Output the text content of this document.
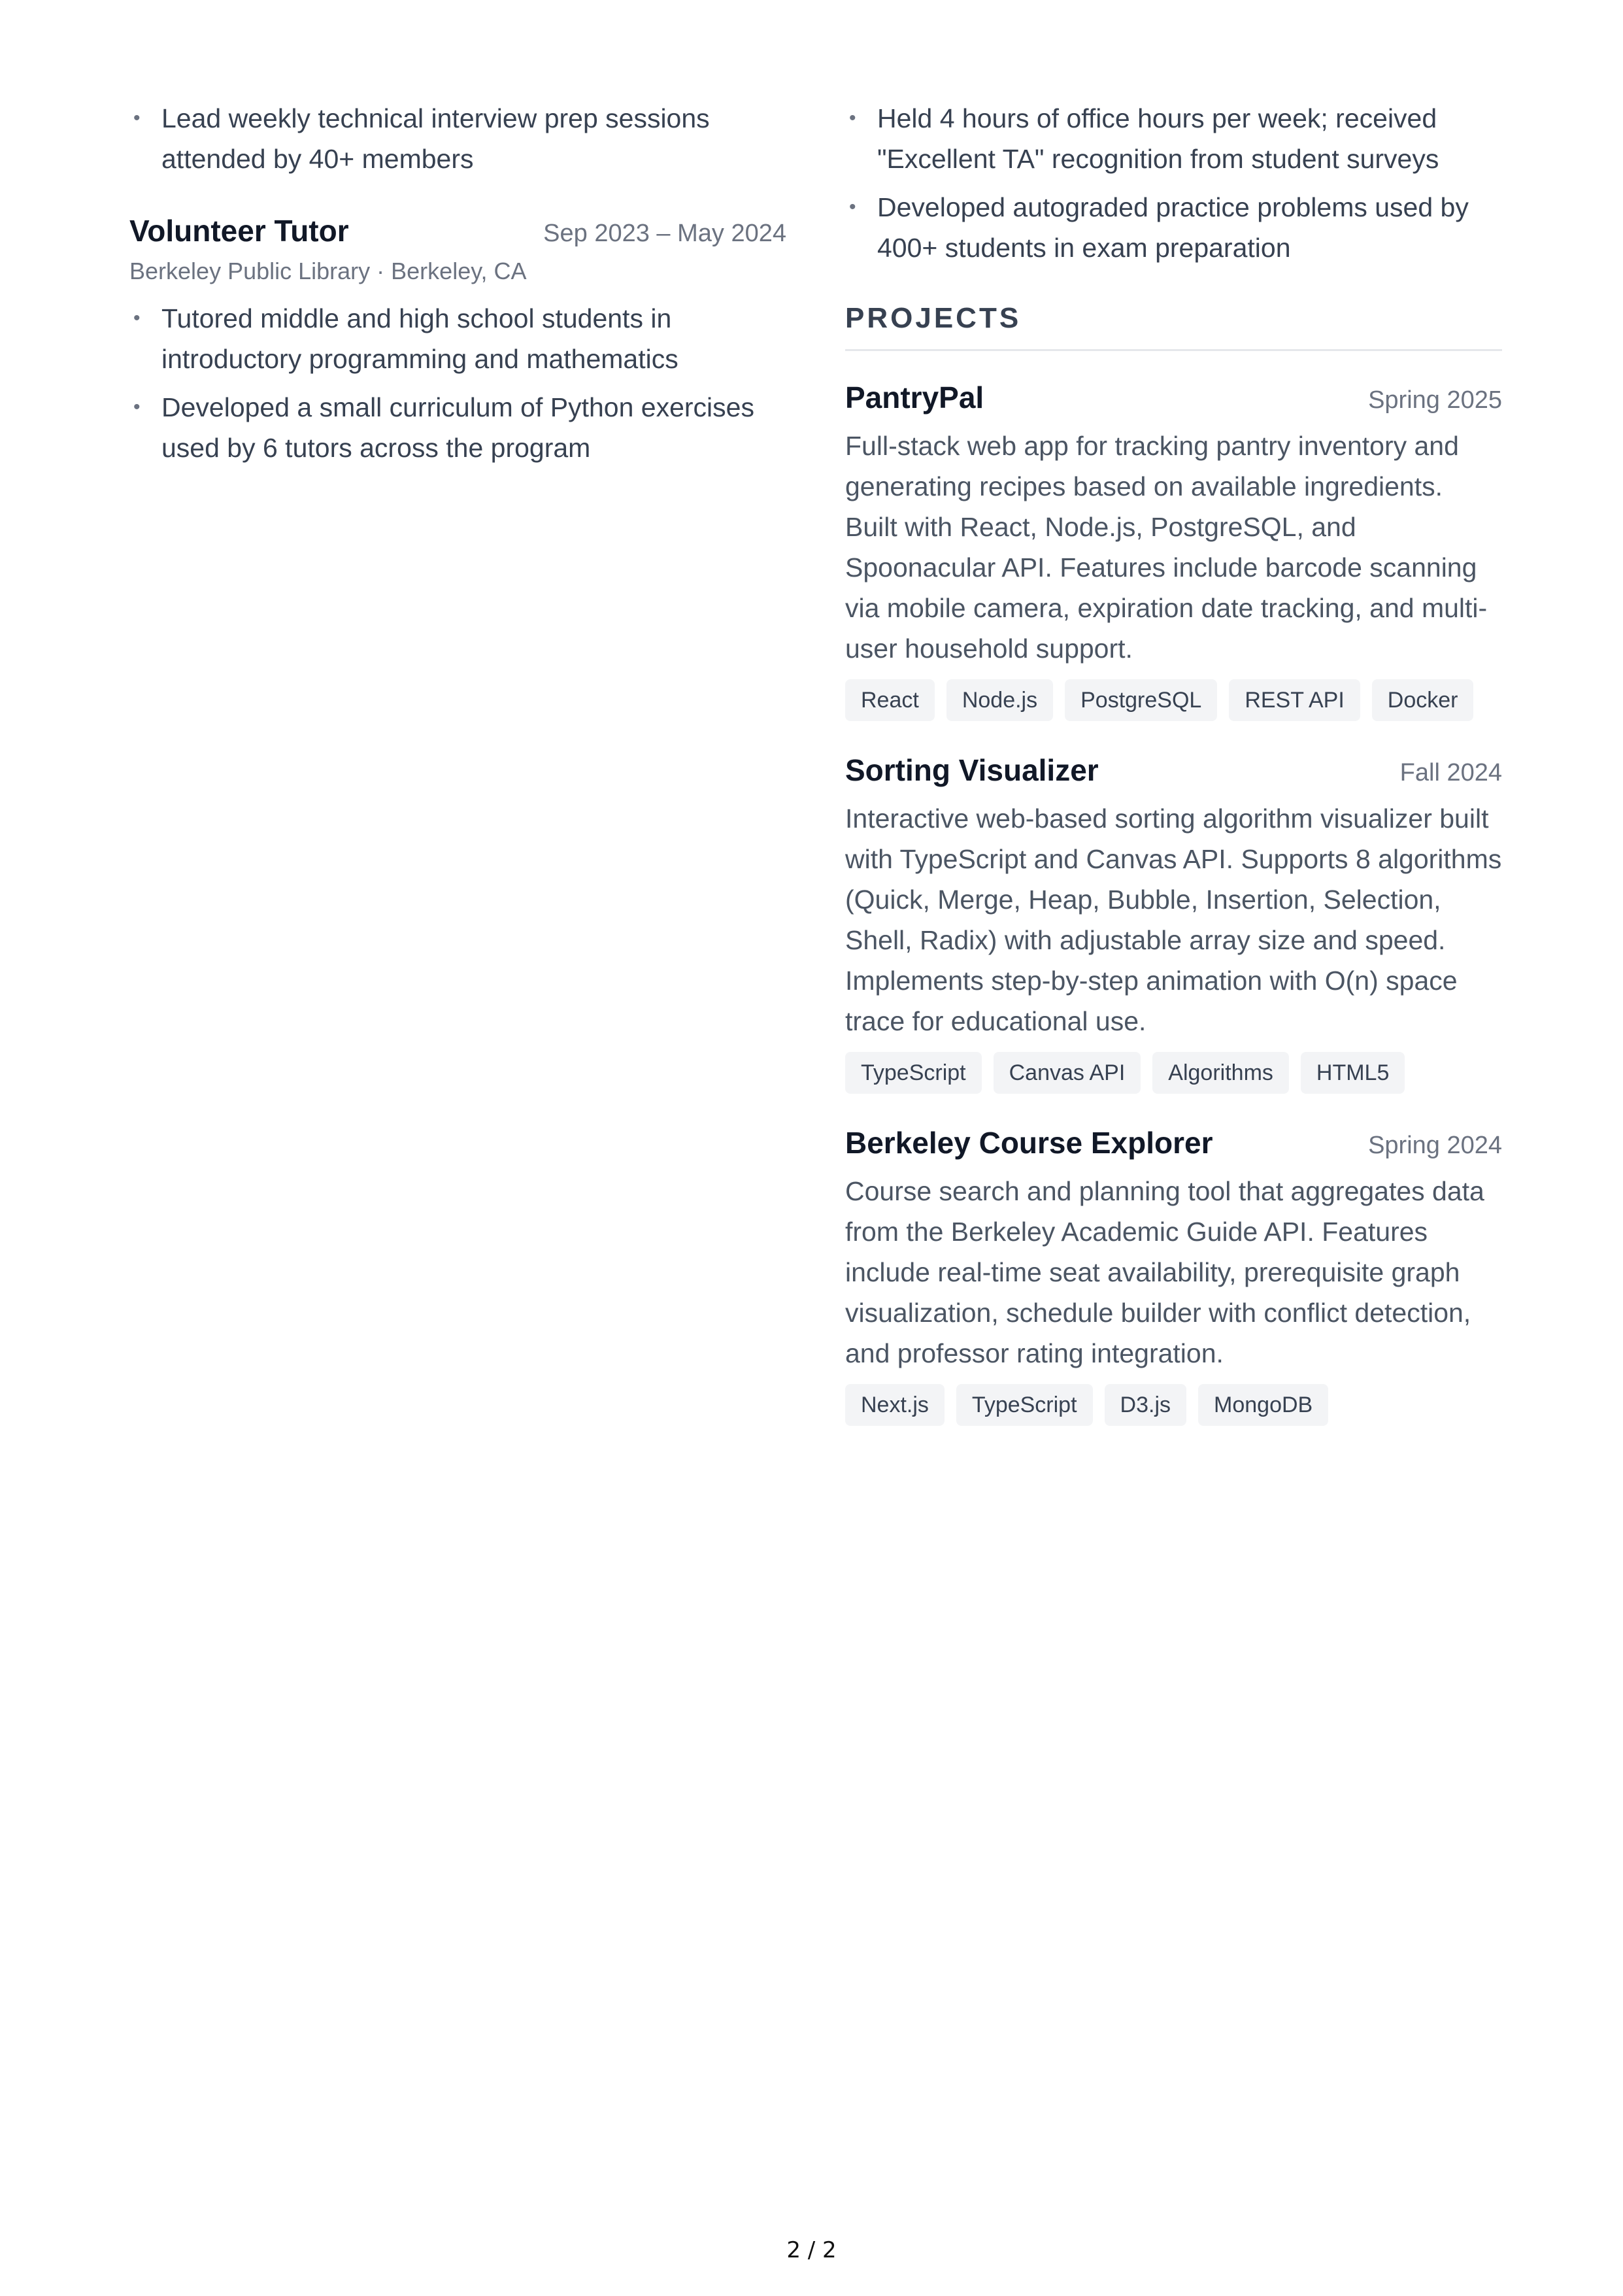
• Lead weekly technical interview prep sessions attended by 40+ members
Volunteer Tutor	Sep 2023 – May 2024
Berkeley Public Library · Berkeley, CA
• Tutored middle and high school students in introductory programming and mathematics
• Developed a small curriculum of Python exercises used by 6 tutors across the program
• Held 4 hours of office hours per week; received "Excellent TA" recognition from student surveys
• Developed autograded practice problems used by 400+ students in exam preparation
PROJECTS
PantryPal	Spring 2025
Full-stack web app for tracking pantry inventory and generating recipes based on available ingredients. Built with React, Node.js, PostgreSQL, and Spoonacular API. Features include barcode scanning via mobile camera, expiration date tracking, and multi-user household support.
React	Node.js	PostgreSQL	REST API	Docker
Sorting Visualizer	Fall 2024
Interactive web-based sorting algorithm visualizer built with TypeScript and Canvas API. Supports 8 algorithms (Quick, Merge, Heap, Bubble, Insertion, Selection, Shell, Radix) with adjustable array size and speed. Implements step-by-step animation with O(n) space trace for educational use.
TypeScript	Canvas API	Algorithms	HTML5
Berkeley Course Explorer	Spring 2024
Course search and planning tool that aggregates data from the Berkeley Academic Guide API. Features include real-time seat availability, prerequisite graph visualization, schedule builder with conflict detection, and professor rating integration.
Next.js	TypeScript	D3.js	MongoDB
2 / 2
